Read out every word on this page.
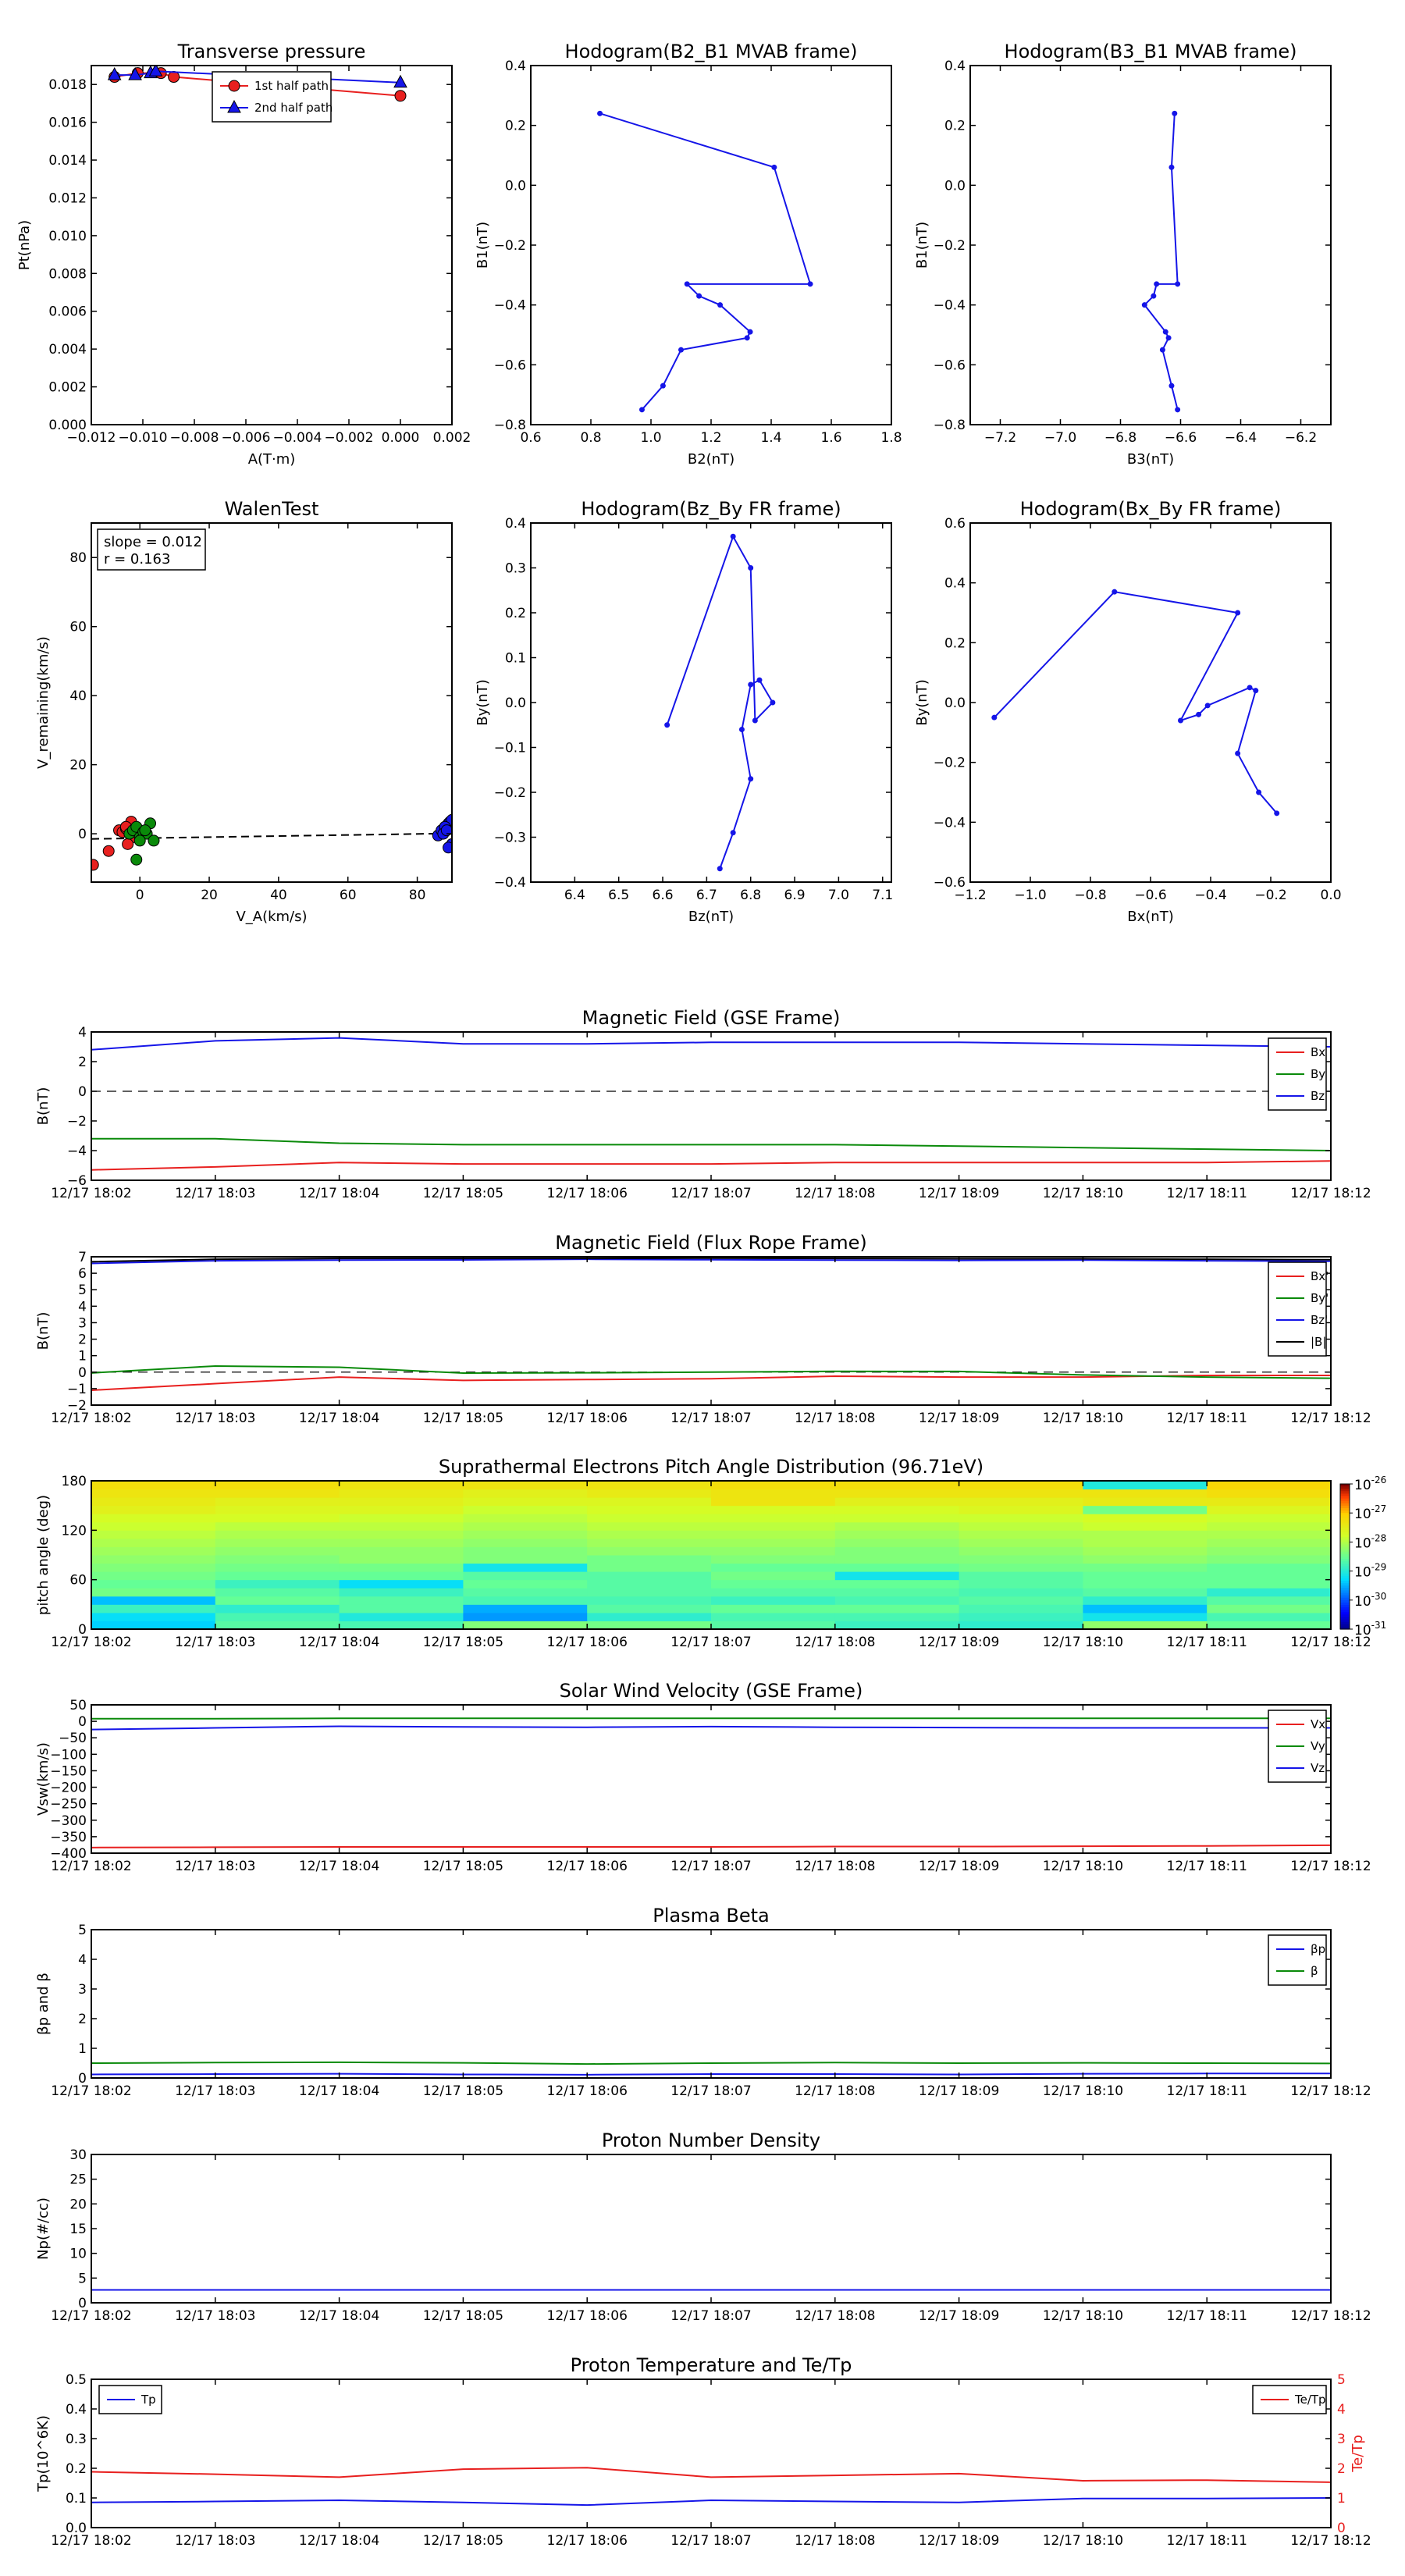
Transverse pressure
0.000
0.002
0.004
0.006
0.008
0.010
0.012
0.014
0.016
0.018
−0.012 −0.010 −0.008 −0.006 −0.004 −0.002 0.000 0.002
A(T·m)
Pt(nPa)
1st half path
2nd half path
Hodogram(B2_B1 MVAB frame)
−0.8
−0.6
−0.4
−0.2
0.0
0.2
0.4
0.6	0.8	1.0	1.2	1.4	1.6	1.8
B2(nT)
B1(nT)
Hodogram(B3_B1 MVAB frame)
−0.8
−0.6
−0.4
−0.2
0.0
0.2
0.4
−7.2 −7.0 −6.8 −6.6 −6.4 −6.2
B3(nT)
B1(nT)
WalenTest
0
20
40
60
80
0	20	40	60	80
V_A(km/s)
V_remaining(km/s)
slope = 0.012
r = 0.163
Hodogram(Bz_By FR frame)
−0.4
−0.3
−0.2
−0.1
0.0
0.1
0.2
0.3
0.4
6.4 6.5 6.6 6.7 6.8 6.9 7.0 7.1
Bz(nT)
By(nT)
Hodogram(Bx_By FR frame)
−0.6
−0.4
−0.2
0.0
0.2
0.4
0.6
−1.2 −1.0 −0.8 −0.6 −0.4 −0.2	0.0
Bx(nT)
By(nT)
Magnetic Field (GSE Frame)
−6
−4
−2
0
2
4
12/17 18:02	12/17 18:03	12/17 18:04	12/17 18:05	12/17 18:06	12/17 18:07	12/17 18:08	12/17 18:09	12/17 18:10	12/17 18:11	12/17 18:12
B(nT)
Bx
By
Bz
Magnetic Field (Flux Rope Frame)
−2
−1
0
1
2
3
4
5
6
7
12/17 18:02	12/17 18:03	12/17 18:04	12/17 18:05	12/17 18:06	12/17 18:07	12/17 18:08	12/17 18:09	12/17 18:10	12/17 18:11	12/17 18:12
B(nT)
Bx'
By'
Bz'
|B|
Suprathermal Electrons Pitch Angle Distribution (96.71eV)
0
60
120
180
12/17 18:02	12/17 18:03	12/17 18:04	12/17 18:05	12/17 18:06	12/17 18:07	12/17 18:08	12/17 18:09	12/17 18:10	12/17 18:11	12/17 18:12
pitch angle (deg)
$10^{-26}$
$10^{-27}$
$10^{-28}$
$10^{-29}$
$10^{-30}$
$10^{-31}$
Solar Wind Velocity (GSE Frame)
−400
−350
−300
−250
−200
−150
−100
−50
0
50
12/17 18:02	12/17 18:03	12/17 18:04	12/17 18:05	12/17 18:06	12/17 18:07	12/17 18:08	12/17 18:09	12/17 18:10	12/17 18:11	12/17 18:12
Vsw(km/s)
Vx
Vy
Vz
Plasma Beta
0
1
2
3
4
5
12/17 18:02	12/17 18:03	12/17 18:04	12/17 18:05	12/17 18:06	12/17 18:07	12/17 18:08	12/17 18:09	12/17 18:10	12/17 18:11	12/17 18:12
βp and β
βp
β
Proton Number Density
0
5
10
15
20
25
30
12/17 18:02	12/17 18:03	12/17 18:04	12/17 18:05	12/17 18:06	12/17 18:07	12/17 18:08	12/17 18:09	12/17 18:10	12/17 18:11	12/17 18:12
Np(#/cc)
Proton Temperature and Te/Tp
0.0
0.1
0.2
0.3
0.4
0.5
12/17 18:02	12/17 18:03	12/17 18:04	12/17 18:05	12/17 18:06	12/17 18:07	12/17 18:08	12/17 18:09	12/17 18:10	12/17 18:11	12/17 18:12
Tp(10^6K)
0
1
2
3
4
5
Te/Tp
Tp	Te/Tp
